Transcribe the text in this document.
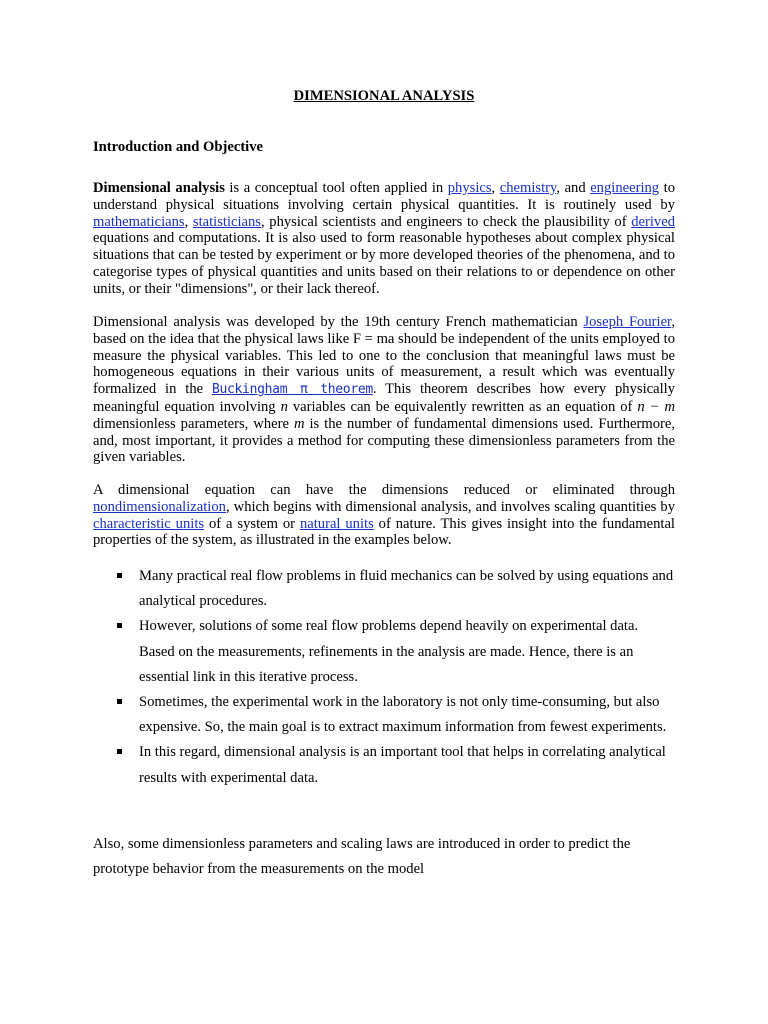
DIMENSIONAL ANALYSIS
Introduction and Objective

Dimensional analysis is a conceptual tool often applied in physics, chemistry, and engineering to understand physical situations involving certain physical quantities. It is routinely used by mathematicians, statisticians, physical scientists and engineers to check the plausibility of derived equations and computations. It is also used to form reasonable hypotheses about complex physical situations that can be tested by experiment or by more developed theories of the phenomena, and to categorise types of physical quantities and units based on their relations to or dependence on other units, or their "dimensions", or their lack thereof.

Dimensional analysis was developed by the 19th century French mathematician Joseph Fourier, based on the idea that the physical laws like F = ma should be independent of the units employed to measure the physical variables. This led to one to the conclusion that meaningful laws must be homogeneous equations in their various units of measurement, a result which was eventually formalized in the Buckingham π theorem. This theorem describes how every physically meaningful equation involving n variables can be equivalently rewritten as an equation of n − m dimensionless parameters, where m is the number of fundamental dimensions used. Furthermore, and, most important, it provides a method for computing these dimensionless parameters from the given variables.

A dimensional equation can have the dimensions reduced or eliminated through nondimensionalization, which begins with dimensional analysis, and involves scaling quantities by characteristic units of a system or natural units of nature. This gives insight into the fundamental properties of the system, as illustrated in the examples below.

Many practical real flow problems in fluid mechanics can be solved by using equations and analytical procedures.
However, solutions of some real flow problems depend heavily on experimental data. Based on the measurements, refinements in the analysis are made. Hence, there is an essential link in this iterative process.
Sometimes, the experimental work in the laboratory is not only time-consuming, but also expensive. So, the main goal is to extract maximum information from fewest experiments.
In this regard, dimensional analysis is an important tool that helps in correlating analytical results with experimental data.

Also, some dimensionless parameters and scaling laws are introduced in order to predict the prototype behavior from the measurements on the model
